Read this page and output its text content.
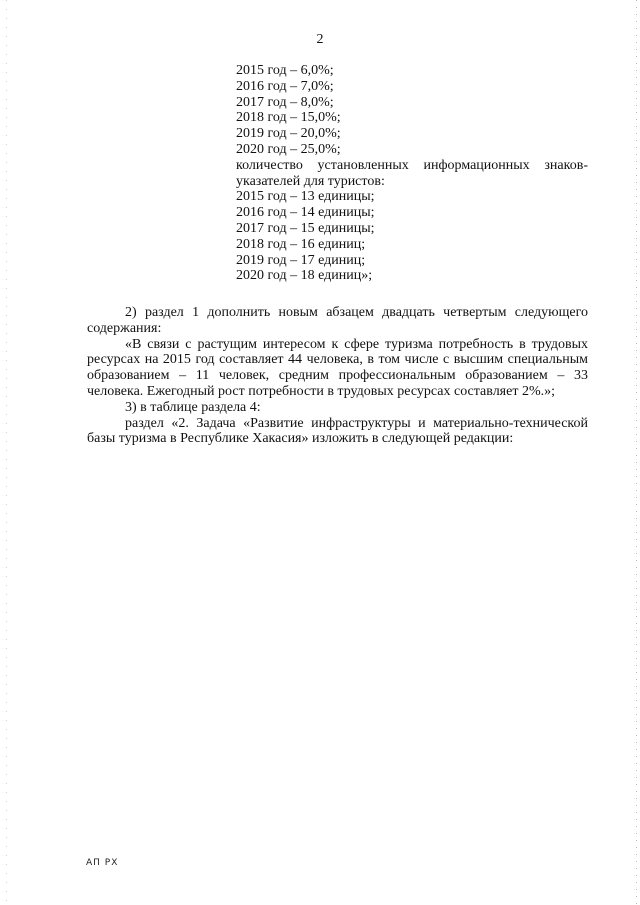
2
2015 год – 6,0%;
2016 год – 7,0%;
2017 год – 8,0%;
2018 год – 15,0%;
2019 год – 20,0%;
2020 год – 25,0%;
количество установленных информационных знаков-
указателей для туристов:
2015 год – 13 единицы;
2016 год – 14 единицы;
2017 год – 15 единицы;
2018 год – 16 единиц;
2019 год – 17 единиц;
2020 год – 18 единиц»;
2) раздел 1 дополнить новым абзацем двадцать четвертым следующего содержания:
«В связи с растущим интересом к сфере туризма потребность в трудовых ресурсах на 2015 год составляет 44 человека, в том числе с высшим специальным образованием – 11 человек, средним профессиональным образованием – 33 человека. Ежегодный рост потребности в трудовых ресурсах составляет 2%.»;
3) в таблице раздела 4:
раздел «2. Задача «Развитие инфраструктуры и материально-технической базы туризма в Республике Хакасия» изложить в следующей редакции:
АП РХ
